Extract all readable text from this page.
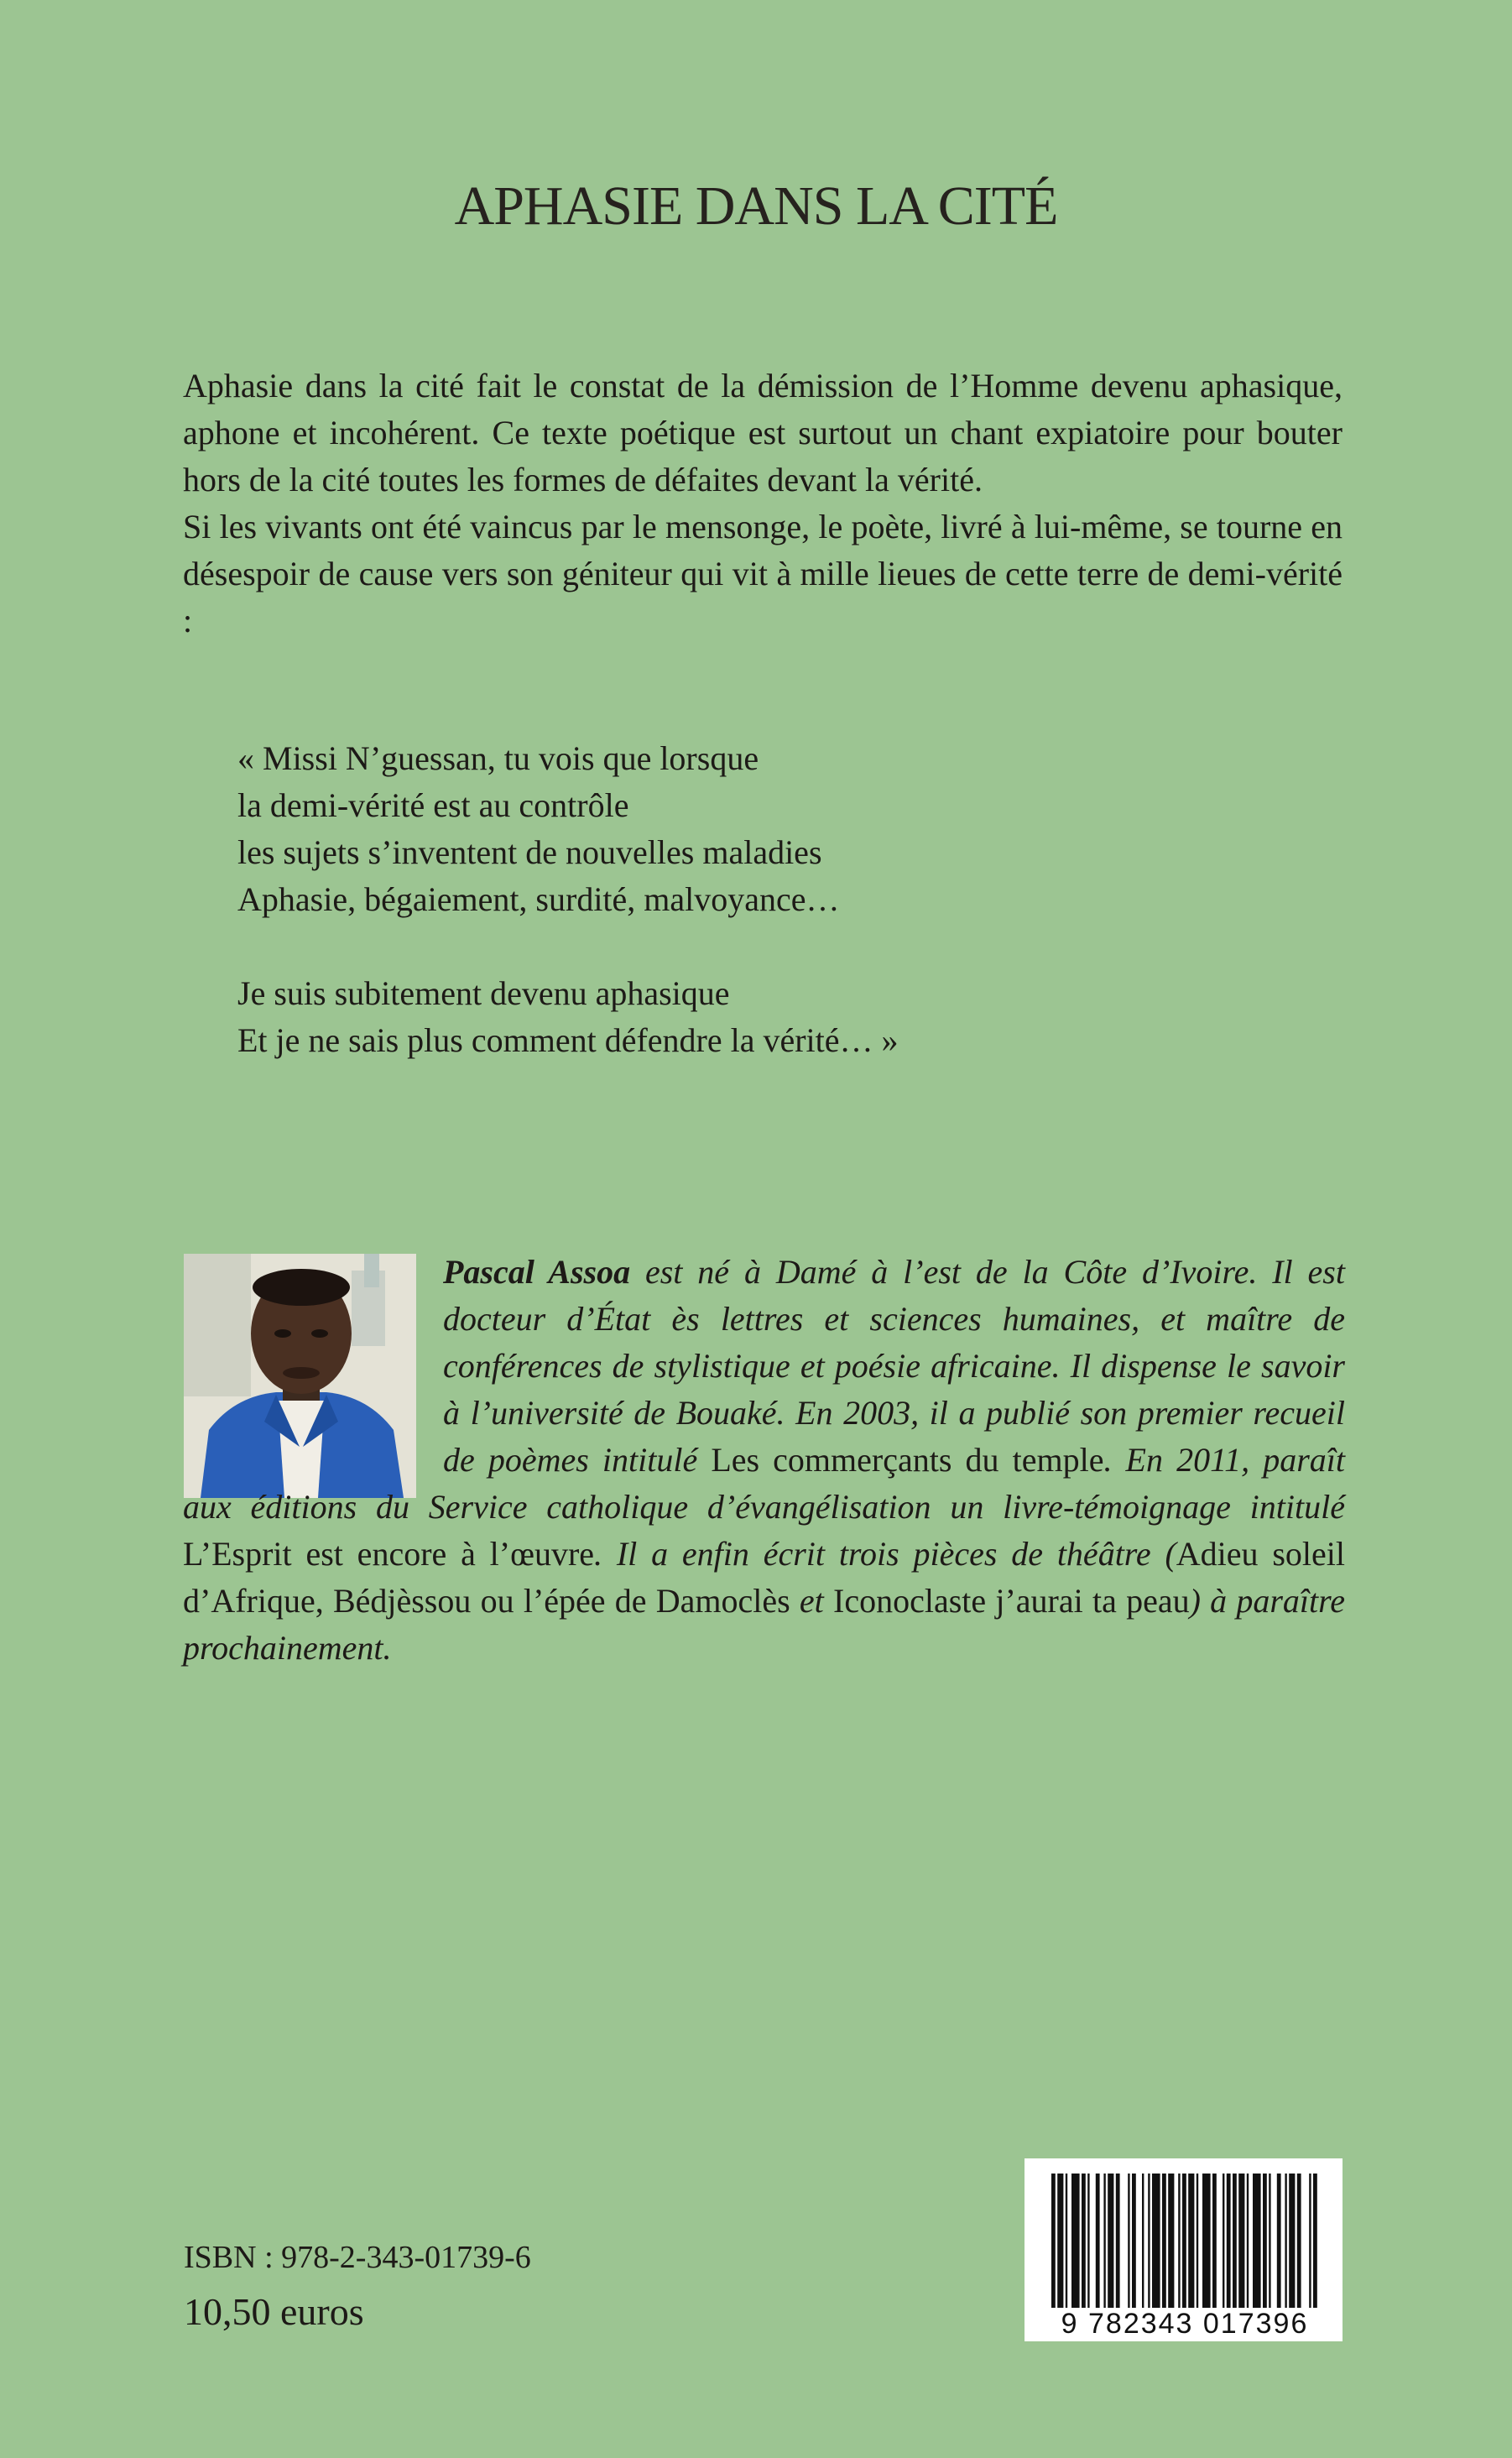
APHASIE DANS LA CITÉ

Aphasie dans la cité fait le constat de la démission de l’Homme devenu aphasique, aphone et incohérent. Ce texte poétique est surtout un chant expiatoire pour bouter hors de la cité toutes les formes de défaites devant la vérité.

Si les vivants ont été vaincus par le mensonge, le poète, livré à lui-même, se tourne en désespoir de cause vers son géniteur qui vit à mille lieues de cette terre de demi-vérité :

« Missi N’guessan, tu vois que lorsque
la demi-vérité est au contrôle
les sujets s’inventent de nouvelles maladies
Aphasie, bégaiement, surdité, malvoyance…
Je suis subitement devenu aphasique
Et je ne sais plus comment défendre la vérité… »
Pascal Assoa est né à Damé à l’est de la Côte d’Ivoire. Il est docteur d’État ès lettres et sciences humaines, et maître de conférences de stylistique et poésie africaine. Il dispense le savoir à l’université de Bouaké. En 2003, il a publié son premier recueil de poèmes intitulé Les commerçants du temple. En 2011, paraît aux éditions du Service catholique d’évangélisation un livre-témoignage intitulé L’Esprit est encore à l’œuvre. Il a enfin écrit trois pièces de théâtre (Adieu soleil d’Afrique, Bédjèssou ou l’épée de Damoclès et Iconoclaste j’aurai ta peau) à paraître prochainement.

ISBN : 978-2-343-01739-6

10,50 euros	9 782343 017396
